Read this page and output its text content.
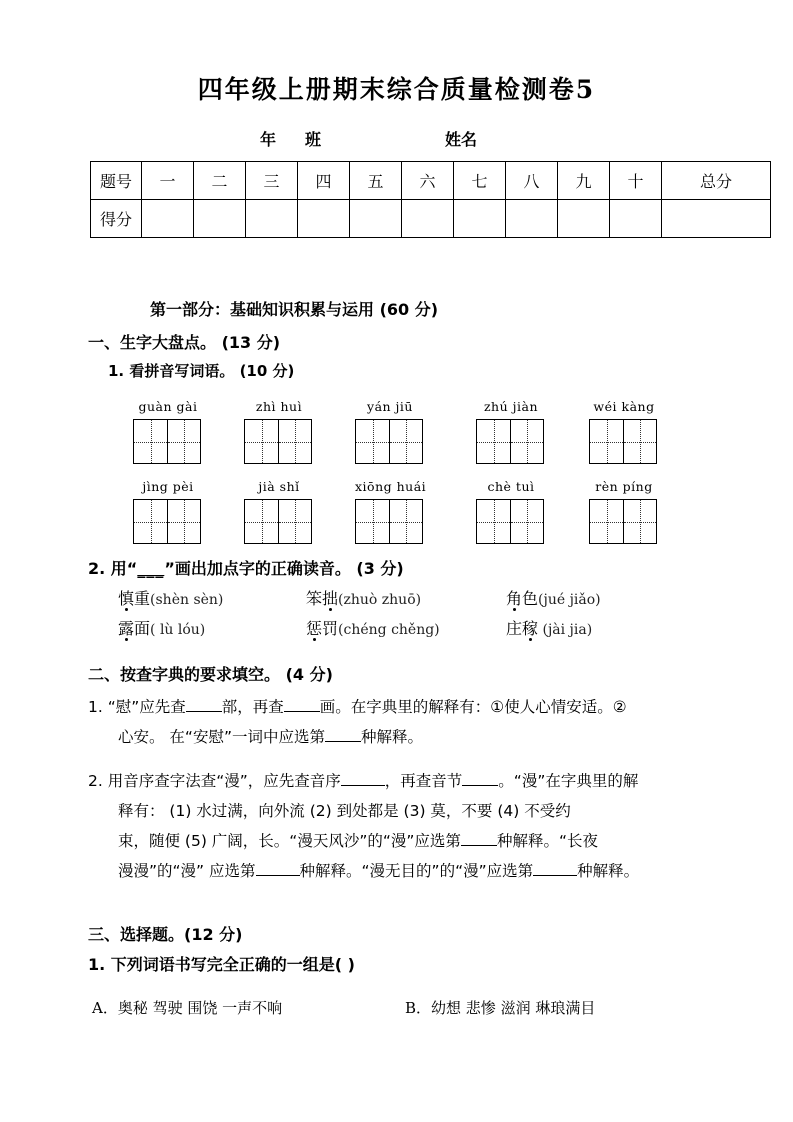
四年级上册期末综合质量检测卷5
年 班	姓名
题号	一	二	三	四	五	六	七	八	九	十	总分
得分											
第一部分：基础知识积累与运用 (60 分)
一、生字大盘点。 (13 分)
1. 看拼音写词语。 (10 分)
guàn gài	zhì huì	yán jiū	zhú jiàn	wéi kàng
jìng pèi	jià shǐ	xiōng huái	chè tuì	rèn píng
2. 用“___”画出加点字的正确读音。 (3 分)
慎重(shèn sèn)	笨拙(zhuò zhuō)	角色(jué jiǎo)
露面( lù lóu)	惩罚(chéng chěng)	庄稼 (jài jia)
二、按查字典的要求填空。 (4 分)
1. “慰”应先查 部，再查 画。在字典里的解释有：①使人心情安适。②
心安。 在“安慰”一词中应选第 种解释。
2. 用音序查字法查“漫”，应先查音序	，再查音节 。“漫”在字典里的解
释有： (1) 水过满，向外流 (2) 到处都是 (3) 莫，不要 (4) 不受约
束，随便 (5) 广阔，长。“漫天风沙”的“漫”应选第 种解释。“长夜
漫漫”的“漫” 应选第	种解释。“漫无目的”的“漫”应选第	种解释。
三、选择题。(12 分)
1. 下列词语书写完全正确的一组是( )
A．奥秘 驾驶 围饶 一声不响	B．幼想 悲惨 滋润 琳琅满目
